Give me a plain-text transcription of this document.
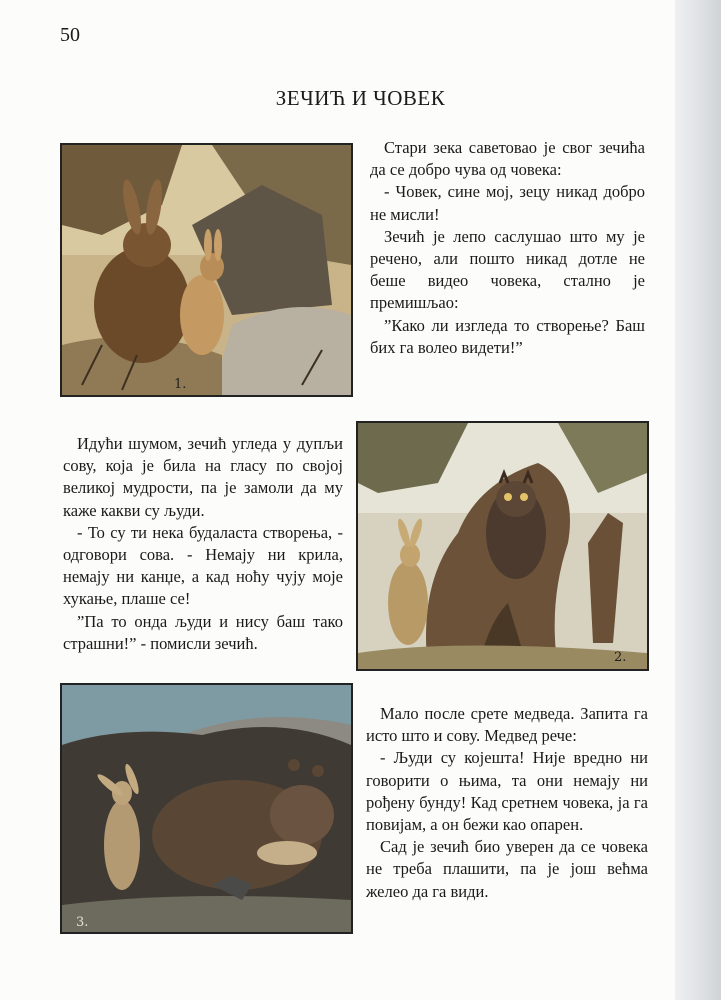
50
ЗЕЧИЋ И ЧОВЕК

Стари зека саветовао је свог зечића да се добро чува од човека:

- Човек, сине мој, зецу никад добро не мисли!

Зечић је лепо саслушао што му је речено, али пошто никад дотле не беше видео човека, стално је премишљао:

”Како ли изгледа то створење? Баш бих га волео видети!”

1.

Идући шумом, зечић угледа у дупљи сову, која је била на гласу по својој великој мудрости, па је замоли да му каже какви су људи.

- То су ти нека будаласта створења, - одговори сова. - Немају ни крила, немају ни канџе, а кад ноћу чују моје хукање, плаше се!

”Па то онда људи и нису баш тако страшни!” - помисли зечић.

2.
3.

Мало после срете медведа. Запита га исто што и сову. Медвед рече:

- Људи су којешта! Није вредно ни говорити о њима, та они немају ни рођену бунду! Кад сретнем човека, ја га повијам, а он бежи као опарен.

Сад је зечић био уверен да се човека не треба плашити, па је још већма желео да га види.
